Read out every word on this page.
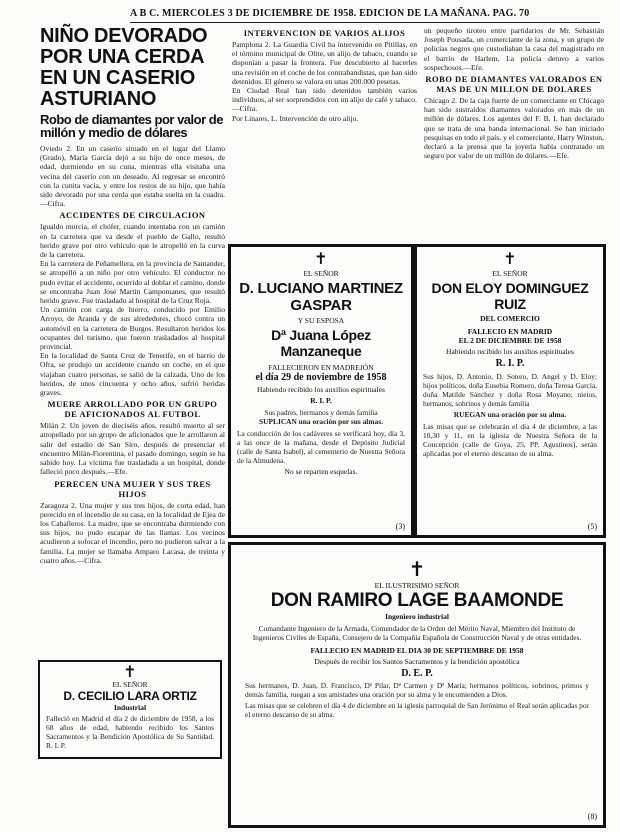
A B C. MIERCOLES 3 DE DICIEMBRE DE 1958. EDICION DE LA MAÑANA. PAG. 70
NIÑO DEVORADO POR UNA CERDA EN UN CASERIO ASTURIANO
Robo de diamantes por valor de millón y medio de dólares

Oviedo 2. En un caserío situado en el lugar del Llamo (Grado), María García dejó a su hijo de once meses, de edad, durmiendo en su cuna, mientras ella visitaba una vecina del caserío con un deseado. Al regresar se encontró con la cunita vacía, y entre los restos de su hijo, que había sido devorado por una cerda que estaba suelta en la cuadra.—Cifra.

ACCIDENTES DE CIRCULACION

Igualdo murcia, el chófer, cuando intentaba con un camión en la carretera que va desde el pueblo de Gallo, resultó herido grave por otro vehículo que le atropelló en la curva de la carretera.

En la carretera de Peñamellera, en la provincia de Santander, se atropelló a un niño por otro vehículo. El conductor no pudo evitar el accidente, ocurrido al doblar el camino, donde se encontraba Juan José Martín Campomanes, que resultó herido grave. Fue trasladado al hospital de la Cruz Roja.

Un camión con carga de hierro, conducido por Emilio Arroyo, de Aranda y de sus alrededores, chocó contra un automóvil en la carretera de Burgos. Resultaron heridos los ocupantes del turismo, que fueron trasladados al hospital provincial.

En la localidad de Santa Cruz de Tenerife, en el barrio de Ofra, se produjo un accidente cuando un coche, en el que viajaban cuatro personas, se salió de la calzada. Uno de los heridos, de unos cincuenta y ocho años, sufrió heridas graves.

MUERE ARROLLADO POR UN GRUPO DE AFICIONADOS AL FUTBOL

Milán 2. Un joven de dieciséis años, resultó muerto al ser atropellado por un grupo de aficionados que le arrollaron al salir del estadio de San Siro, después de presenciar el encuentro Milán-Fiorentina, el pasado domingo, según se ha sabido hoy. La víctima fue trasladada a un hospital, donde falleció poco después.—Efe.

PERECEN UNA MUJER Y SUS TRES HIJOS

Zaragoza 2. Una mujer y sus tres hijos, de corta edad, han perecido en el incendio de su casa, en la localidad de Ejea de los Caballeros. La madre, que se encontraba durmiendo con sus hijos, no pudo escapar de las llamas. Los vecinos acudieron a sofocar el incendio, pero no pudieron salvar a la familia. La mujer se llamaba Amparo Lacasa, de treinta y cuatro años.—Cifra.

✝
EL SEÑOR
D. CECILIO LARA ORTIZ
Industrial

Falleció en Madrid el día 2 de diciembre de 1958, a los 68 años de edad, habiendo recibido los Santos Sacramentos y la Bendición Apostólica de Su Santidad. R. I. P.

INTERVENCION DE VARIOS ALIJOS

Pamplona 2. La Guardia Civil ha intervenido en Pitillas, en el término municipal de Olite, un alijo de tabaco, cuando se disponían a pasar la frontera. Fue descubierto al hacerles una revisión en el coche de los contrabandistas, que han sido detenidos. El género se valora en unas 200.000 pesetas.

En Ciudad Real han sido detenidos también varios individuos, al ser sorprendidos con un alijo de café y tabaco.—Cifra.

Por Linares, L. Intervención de otro alijo.

un pequeño tiroteo entre partidarios de Mr. Sebastián Joseph Pousada, un comerciante de la zona, y un grupo de policías negros que custodiaban la casa del magistrado en el barrio de Harlem. La policía detuvo a varios sospechosos.—Efe.

ROBO DE DIAMANTES VALORADOS EN MAS DE UN MILLON DE DOLARES

Chicago 2. De la caja fuerte de un comerciante en Chicago han sido sustraídos diamantes valorados en más de un millón de dólares. Los agentes del F. B. I. han declarado que se trata de una banda internacional. Se han iniciado pesquisas en todo el país, y el comerciante, Harry Winston, declaró a la prensa que la joyería había contratado un seguro por valor de un millón de dólares.—Efe.

✝
EL SEÑOR
D. LUCIANO MARTINEZ GASPAR
Y SU ESPOSA
Dª Juana López Manzaneque
FALLECIERON EN MADREJÓN
el día 29 de noviembre de 1958
Habiendo recibido los auxilios espirituales
R. I. P.

Sus padres, hermanos y demás familia

SUPLICAN una oración por sus almas.

La conducción de los cadáveres se verificará hoy, día 3, a las once de la mañana, desde el Depósito Judicial (calle de Santa Isabel), al cementerio de Nuestra Señora de la Almudena.

No se reparten esquelas.
(3)
✝
EL SEÑOR
DON ELOY DOMINGUEZ RUIZ
DEL COMERCIO
FALLECIO EN MADRID
EL 2 DE DICIEMBRE DE 1958
Habiendo recibido los auxilios espirituales
R. I. P.

Sus hijos, D. Antonio, D. Sotero, D. Angel y D. Eloy; hijos políticos, doña Eusebia Romero, doña Teresa García, doña Matilde Sánchez y doña Rosa Moyano; nietos, hermanos, sobrinos y demás familia

RUEGAN una oración por su alma.

Las misas que se celebrarán el día 4 de diciembre, a las 10,30 y 11, en la iglesia de Nuestra Señora de la Concepción (calle de Goya, 25, PP. Agustinos), serán aplicadas por el eterno descanso de su alma.

(5)
✝
EL ILUSTRISIMO SEÑOR
DON RAMIRO LAGE BAAMONDE
Ingeniero industrial

Comandante Ingeniero de la Armada, Comendador de la Orden del Mérito Naval, Miembro del Instituto de Ingenieros Civiles de España, Consejero de la Compañía Española de Construcción Naval y de otras entidades.

FALLECIO EN MADRID EL DIA 30 DE SEPTIEMBRE DE 1958
Después de recibir los Santos Sacramentos y la bendición apostólica
D. E. P.

Sus hermanos, D. Juan, D. Francisco, Dª Pilar, Dª Carmen y Dª María; hermanos políticos, sobrinos, primos y demás familia, ruegan a sus amistades una oración por su alma y le encomienden a Dios.

Las misas que se celebren el día 4 de diciembre en la iglesia parroquial de San Jerónimo el Real serán aplicadas por el eterno descanso de su alma.

(8)
